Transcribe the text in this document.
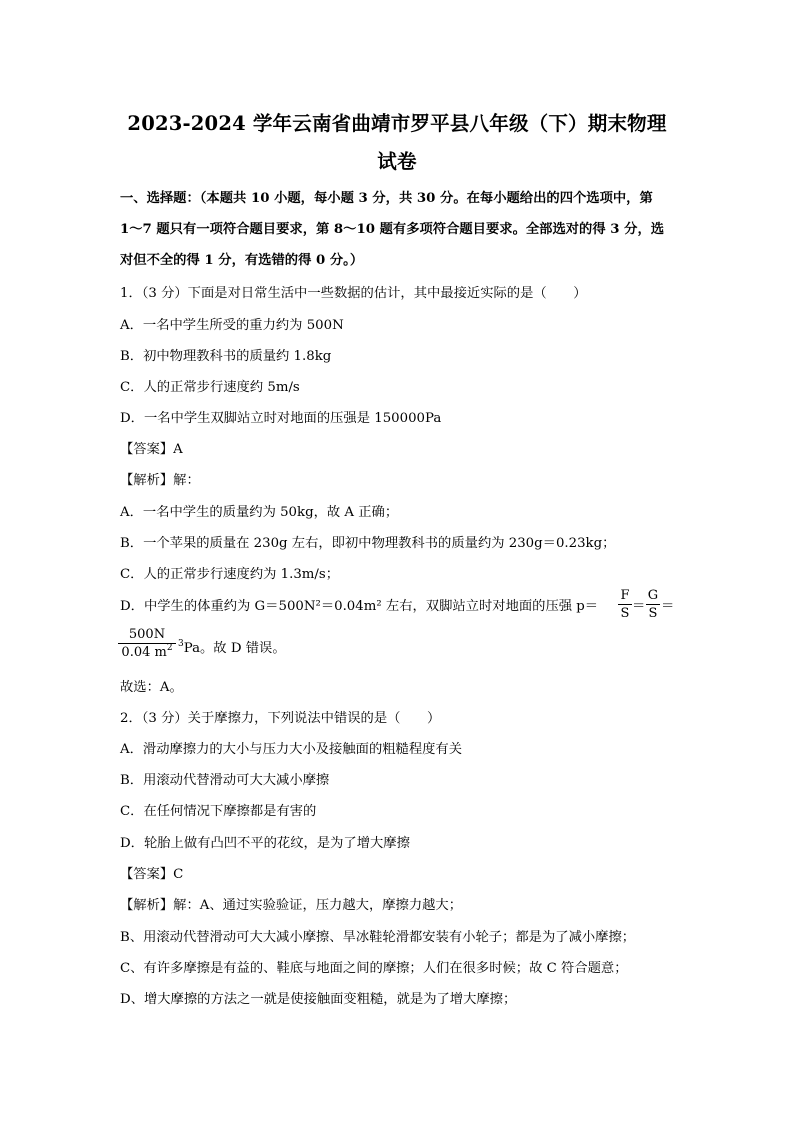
2023-2024 学年云南省曲靖市罗平县八年级（下）期末物理
试卷
一、选择题：（本题共 10 小题，每小题 3 分，共 30 分。在每小题给出的四个选项中，第
1～7 题只有一项符合题目要求，第 8～10 题有多项符合题目要求。全部选对的得 3 分，选
对但不全的得 1 分，有选错的得 0 分。）
1．（3 分）下面是对日常生活中一些数据的估计，其中最接近实际的是（　　）
A．一名中学生所受的重力约为 500N
B．初中物理教科书的质量约 1.8kg
C．人的正常步行速度约 5m/s
D．一名中学生双脚站立时对地面的压强是 150000Pa
【答案】A
【解析】解：
A．一名中学生的质量约为 50kg，故 A 正确；
B．一个苹果的质量在 230g 左右，即初中物理教科书的质量约为 230g＝0.23kg；
C．人的正常步行速度约为 1.3m/s；
D．中学生的体重约为 G＝500N²＝0.04m² 左右，双脚站立时对地面的压强 p＝
F
S ＝
G
S ＝
500N
0.04 $m^2$ $^3$Pa。故 D 错误。
故选：A。
2．（3 分）关于摩擦力，下列说法中错误的是（　　）
A．滑动摩擦力的大小与压力大小及接触面的粗糙程度有关
B．用滚动代替滑动可大大减小摩擦
C．在任何情况下摩擦都是有害的
D．轮胎上做有凸凹不平的花纹，是为了增大摩擦
【答案】C
【解析】解：A、通过实验验证，压力越大，摩擦力越大；
B、用滚动代替滑动可大大减小摩擦、旱冰鞋轮滑都安装有小轮子；都是为了减小摩擦；
C、有许多摩擦是有益的、鞋底与地面之间的摩擦；人们在很多时候；故 C 符合题意；
D、增大摩擦的方法之一就是使接触面变粗糙，就是为了增大摩擦；
